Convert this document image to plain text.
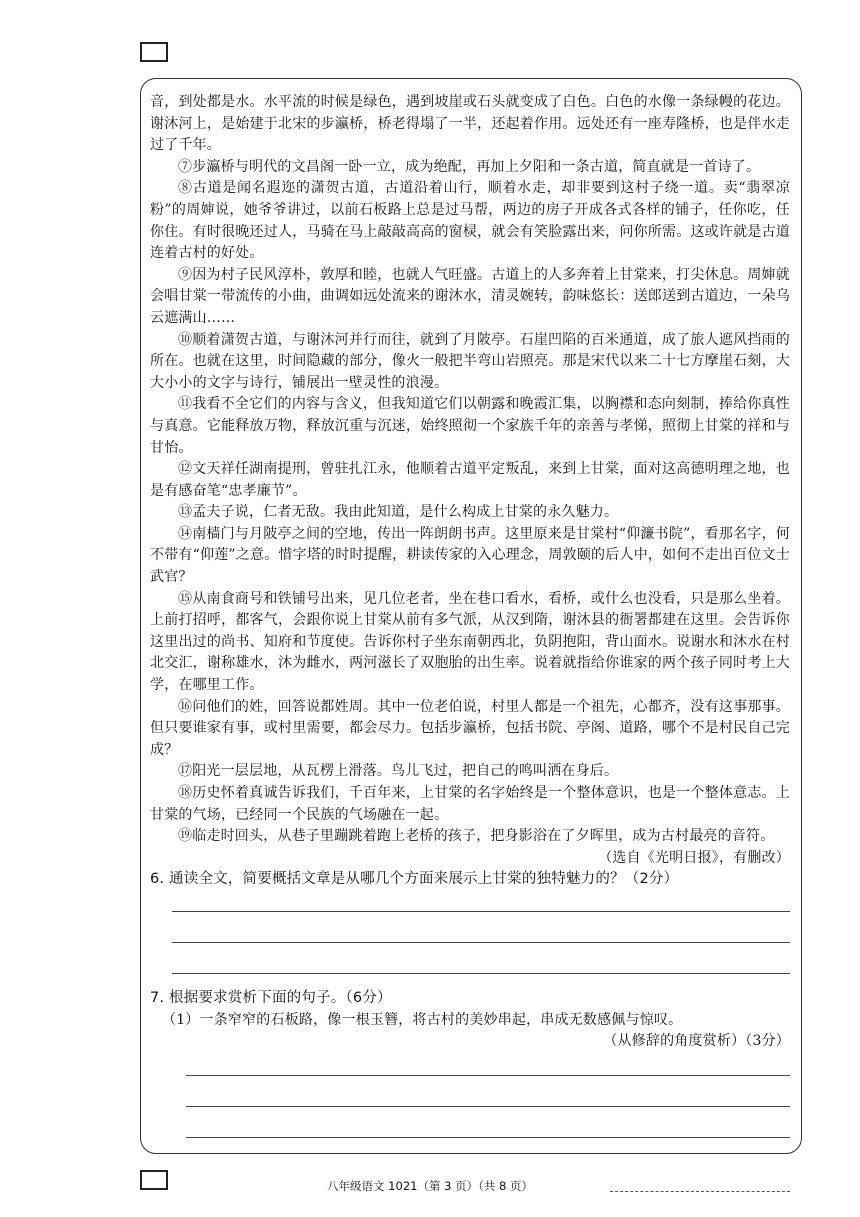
音，到处都是水。水平流的时候是绿色，遇到坡崖或石头就变成了白色。白色的水像一条绿幔的花边。谢沐河上，是始建于北宋的步瀛桥，桥老得塌了一半，还起着作用。远处还有一座寿隆桥，也是伴水走过了千年。

⑦步瀛桥与明代的文昌阁一卧一立，成为绝配，再加上夕阳和一条古道，简直就是一首诗了。

⑧古道是闻名遐迩的潇贺古道，古道沿着山行，顺着水走，却非要到这村子绕一道。卖“翡翠凉粉”的周婶说，她爷爷讲过，以前石板路上总是过马帮，两边的房子开成各式各样的铺子，任你吃，任你住。有时很晚还过人，马骑在马上敲敲高高的窗棂，就会有笑脸露出来，问你所需。这或许就是古道连着古村的好处。

⑨因为村子民风淳朴，敦厚和睦，也就人气旺盛。古道上的人多奔着上甘棠来，打尖休息。周婶就会唱甘棠一带流传的小曲，曲调如远处流来的谢沐水，清灵婉转，韵味悠长：送郎送到古道边，一朵乌云遮满山……

⑩顺着潇贺古道，与谢沐河并行而往，就到了月陂亭。石崖凹陷的百米通道，成了旅人遮风挡雨的所在。也就在这里，时间隐藏的部分，像火一般把半弯山岩照亮。那是宋代以来二十七方摩崖石刻，大大小小的文字与诗行，铺展出一壁灵性的浪漫。

⑪我看不全它们的内容与含义，但我知道它们以朝露和晚霞汇集，以胸襟和态向刻制，捧给你真性与真意。它能释放万物，释放沉重与沉迷，始终照彻一个家族千年的亲善与孝悌，照彻上甘棠的祥和与甘怡。

⑫文天祥任湖南提刑，曾驻扎江永，他顺着古道平定叛乱，来到上甘棠，面对这高德明理之地，也是有感奋笔“忠孝廉节”。

⑬孟夫子说，仁者无敌。我由此知道，是什么构成上甘棠的永久魅力。

⑭南樯门与月陂亭之间的空地，传出一阵朗朗书声。这里原来是甘棠村“仰濂书院”，看那名字，何不带有“仰莲”之意。惜字塔的时时提醒，耕读传家的入心理念，周敦颐的后人中，如何不走出百位文士武官？

⑮从南食商号和铁铺号出来，见几位老者，坐在巷口看水，看桥，或什么也没看，只是那么坐着。上前打招呼，都客气，会跟你说上甘棠从前有多气派，从汉到隋，谢沐县的衙署都建在这里。会告诉你这里出过的尚书、知府和节度使。告诉你村子坐东南朝西北，负阴抱阳，背山面水。说谢水和沐水在村北交汇，谢称雄水，沐为雌水，两河滋长了双胞胎的出生率。说着就指给你谁家的两个孩子同时考上大学，在哪里工作。

⑯问他们的姓，回答说都姓周。其中一位老伯说，村里人都是一个祖先，心都齐，没有这事那事。但只要谁家有事，或村里需要，都会尽力。包括步瀛桥，包括书院、亭阁、道路，哪个不是村民自己完成？

⑰阳光一层层地，从瓦楞上滑落。鸟儿飞过，把自己的鸣叫洒在身后。

⑱历史怀着真诚告诉我们，千百年来，上甘棠的名字始终是一个整体意识，也是一个整体意志。上甘棠的气场，已经同一个民族的气场融在一起。

⑲临走时回头，从巷子里蹦跳着跑上老桥的孩子，把身影浴在了夕晖里，成为古村最亮的音符。

（选自《光明日报》，有删改）

6. 通读全文，简要概括文章是从哪几个方面来展示上甘棠的独特魅力的？（2分）

7. 根据要求赏析下面的句子。（6分）

（1）一条窄窄的石板路，像一根玉簪，将古村的美妙串起，串成无数感佩与惊叹。

（从修辞的角度赏析）（3分）

八年级语文 1021（第 3 页）（共 8 页）
